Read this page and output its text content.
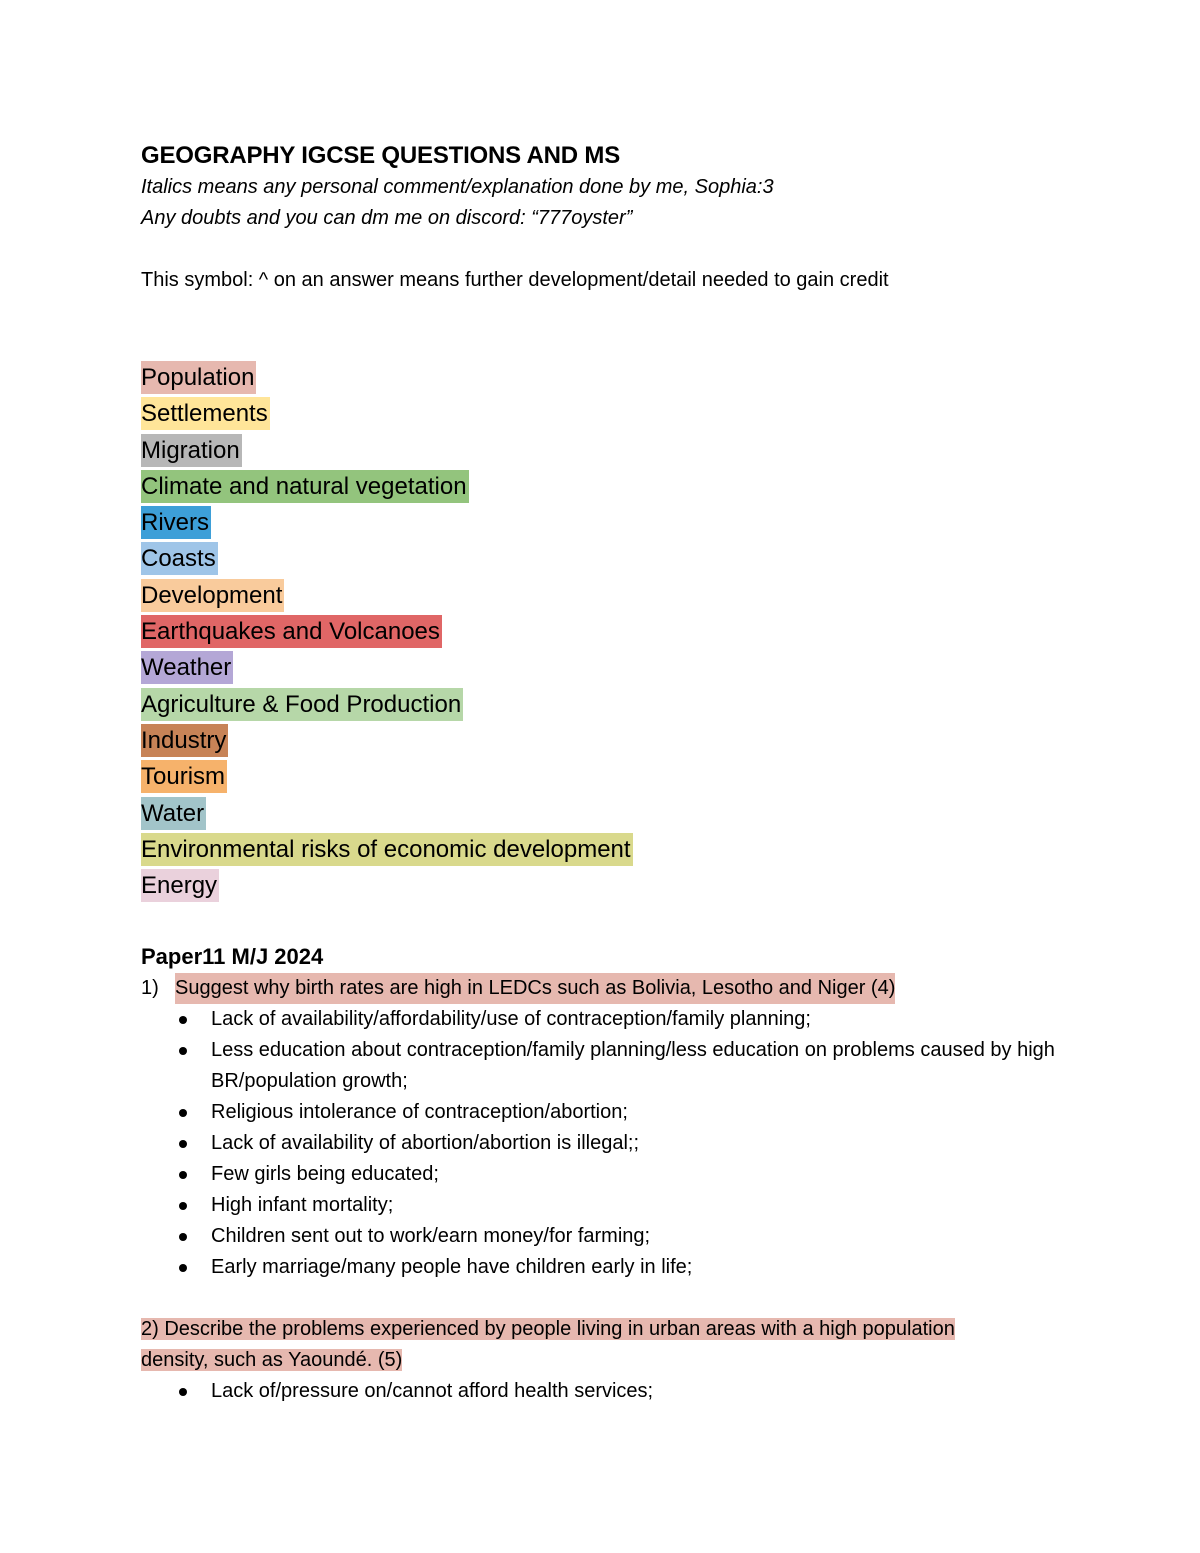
GEOGRAPHY IGCSE QUESTIONS AND MS

Italics means any personal comment/explanation done by me, Sophia:3

Any doubts and you can dm me on discord: “777oyster”

This symbol: ^ on an answer means further development/detail needed to gain credit

Population
Settlements
Migration
Climate and natural vegetation
Rivers
Coasts
Development
Earthquakes and Volcanoes
Weather
Agriculture & Food Production
Industry
Tourism
Water
Environmental risks of economic development
Energy
Paper11 M/J 2024
1) Suggest why birth rates are high in LEDCs such as Bolivia, Lesotho and Niger (4)
Lack of availability/affordability/use of contraception/family planning;
Less education about contraception/family planning/less education on problems caused by high BR/population growth;
Religious intolerance of contraception/abortion;
Lack of availability of abortion/abortion is illegal;;
Few girls being educated;
High infant mortality;
Children sent out to work/earn money/for farming;
Early marriage/many people have children early in life;

2) Describe the problems experienced by people living in urban areas with a high population density, such as Yaoundé. (5)

Lack of/pressure on/cannot afford health services;
